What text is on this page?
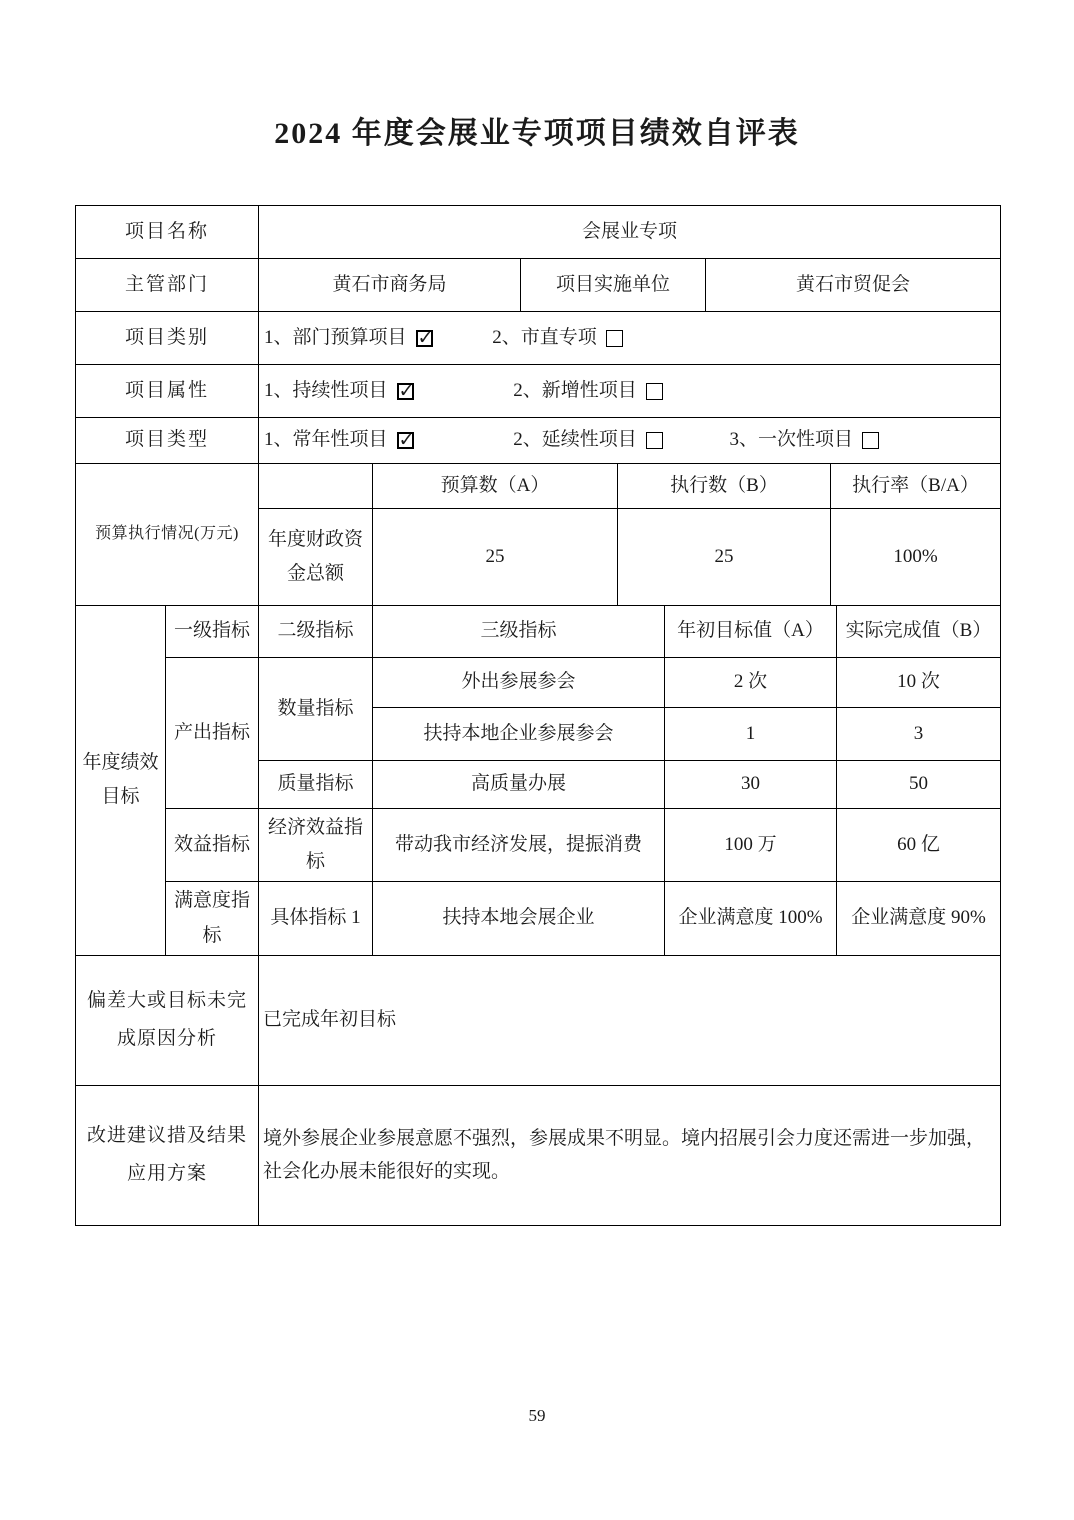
2024 年度会展业专项项目绩效自评表
项目名称	会展业专项		
主管部门	黄石市商务局	项目实施单位	黄石市贸促会
项目类别	1、部门预算项目 ✓
2、市直专项		

项目属性	1、持续性项目 ✓
2、新增性项目		

项目类型	1、常年性项目 ✓
2、延续性项目
3、一次性项目		
预算执行情况(万元)		预算数（A）	执行数（B）	执行率（B/A）
	年度财政资金总额	25	25	100%
年度绩效目标	一级指标	二级指标	三级指标	年初目标值（A）	实际完成值（B）
	产出指标	数量指标	外出参展参会	2 次	10 次
			扶持本地企业参展参会	1	3
		质量指标	高质量办展	30	50
	效益指标	经济效益指标	带动我市经济发展，提振消费	100 万	60 亿
	满意度指标	具体指标 1	扶持本地会展企业	企业满意度 100%	企业满意度 90%
偏差大或目标未完成原因分析	已完成年初目标
改进建议措及结果应用方案	境外参展企业参展意愿不强烈，参展成果不明显。境内招展引会力度还需进一步加强，社会化办展未能很好的实现。
59
